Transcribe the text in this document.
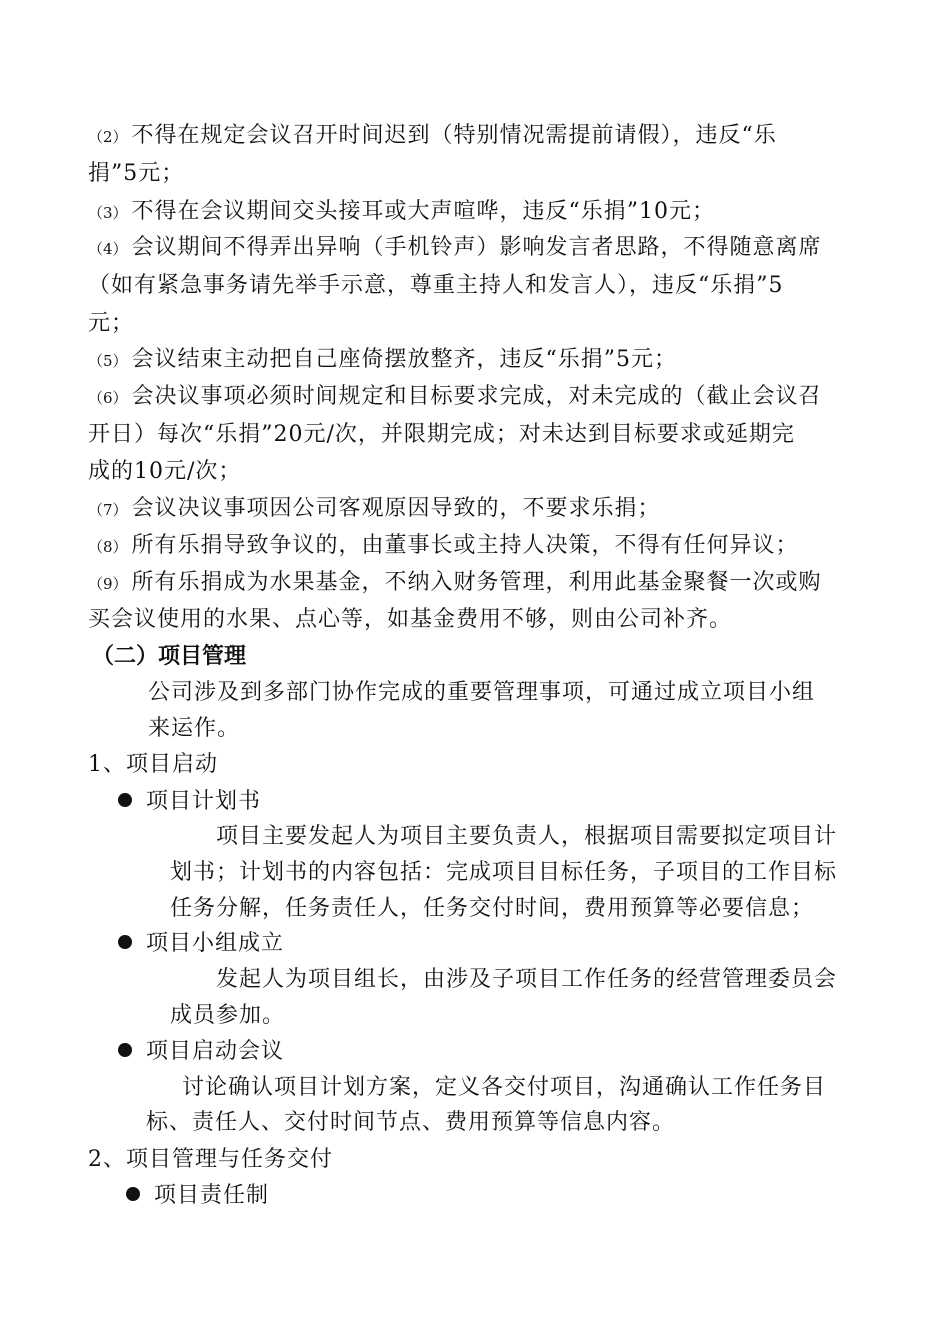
（2） 不得在规定会议召开时间迟到（特别情况需提前请假），违反“乐

捐”5元；

（3） 不得在会议期间交头接耳或大声喧哗，违反“乐捐”10元；

（4） 会议期间不得弄出异响（手机铃声）影响发言者思路，不得随意离席

（如有紧急事务请先举手示意，尊重主持人和发言人），违反“乐捐”5

元；

（5） 会议结束主动把自己座倚摆放整齐，违反“乐捐”5元；

（6） 会决议事项必须时间规定和目标要求完成，对未完成的（截止会议召

开日）每次“乐捐”20元/次，并限期完成；对未达到目标要求或延期完

成的10元/次；

（7） 会议决议事项因公司客观原因导致的，不要求乐捐；

（8） 所有乐捐导致争议的，由董事长或主持人决策，不得有任何异议；

（9） 所有乐捐成为水果基金，不纳入财务管理，利用此基金聚餐一次或购

买会议使用的水果、点心等，如基金费用不够，则由公司补齐。

（二）项目管理

公司涉及到多部门协作完成的重要管理事项，可通过成立项目小组

来运作。

1、项目启动

项目计划书

项目主要发起人为项目主要负责人，根据项目需要拟定项目计

划书；计划书的内容包括：完成项目目标任务，子项目的工作目标

任务分解，任务责任人，任务交付时间，费用预算等必要信息；

项目小组成立

发起人为项目组长，由涉及子项目工作任务的经营管理委员会

成员参加。

项目启动会议

讨论确认项目计划方案，定义各交付项目，沟通确认工作任务目

标、责任人、交付时间节点、费用预算等信息内容。

2、项目管理与任务交付

项目责任制
